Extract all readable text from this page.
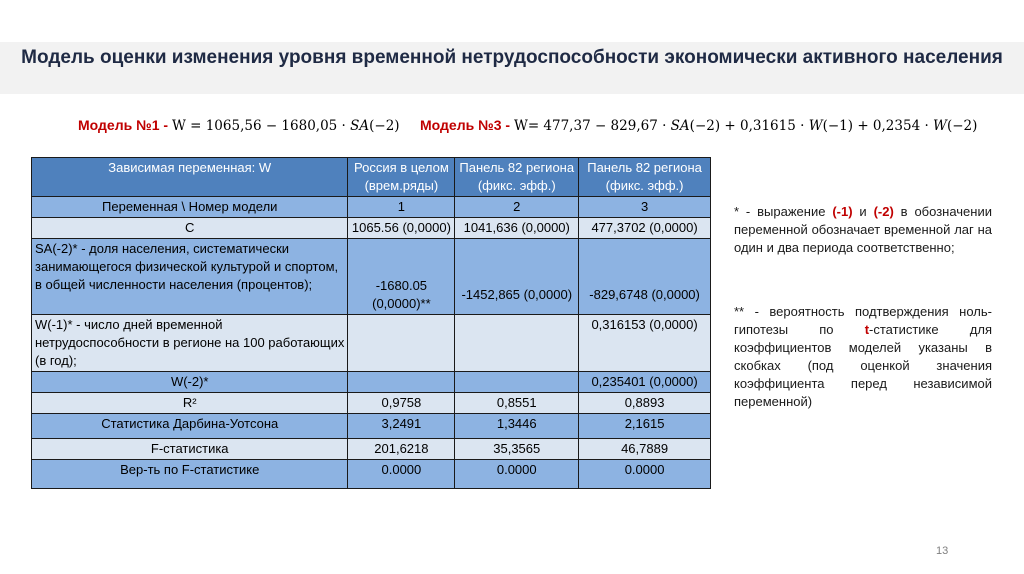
Модель оценки изменения уровня временной нетрудоспособности экономически активного населения
Модель №1 - W = 1065,56 − 1680,05 · SA(−2) Модель №3 - W= 477,37 − 829,67 · SA(−2) + 0,31615 · W(−1) + 0,2354 · W(−2)
Зависимая переменная: W	Россия в целом (врем.ряды)	Панель 82 региона (фикс. эфф.)	Панель 82 региона (фикс. эфф.)
Переменная \ Номер модели	1	2	3
С	1065.56 (0,0000)	1041,636 (0,0000)	477,3702 (0,0000)
SA(-2)* - доля населения, систематически занимающегося физической культурой и спортом, в общей численности населения (процентов);	-1680.05 (0,0000)**	-1452,865 (0,0000)	-829,6748 (0,0000)
W(-1)* - число дней временной нетрудоспособности в регионе на 100 работающих (в год);			0,316153 (0,0000)
W(-2)*			0,235401 (0,0000)
R²	0,9758	0,8551	0,8893
Статистика Дарбина-Уотсона	3,2491	1,3446	2,1615
F-статистика	201,6218	35,3565	46,7889
Вер-ть по F-статистике	0.0000	0.0000	0.0000
* - выражение (-1) и (-2) в обозначении переменной обозначает временной лаг на один и два периода соответственно;
** - вероятность подтверждения ноль-гипотезы по t-статистике для коэффициентов моделей указаны в скобках (под оценкой значения коэффициента перед независимой переменной)
13
